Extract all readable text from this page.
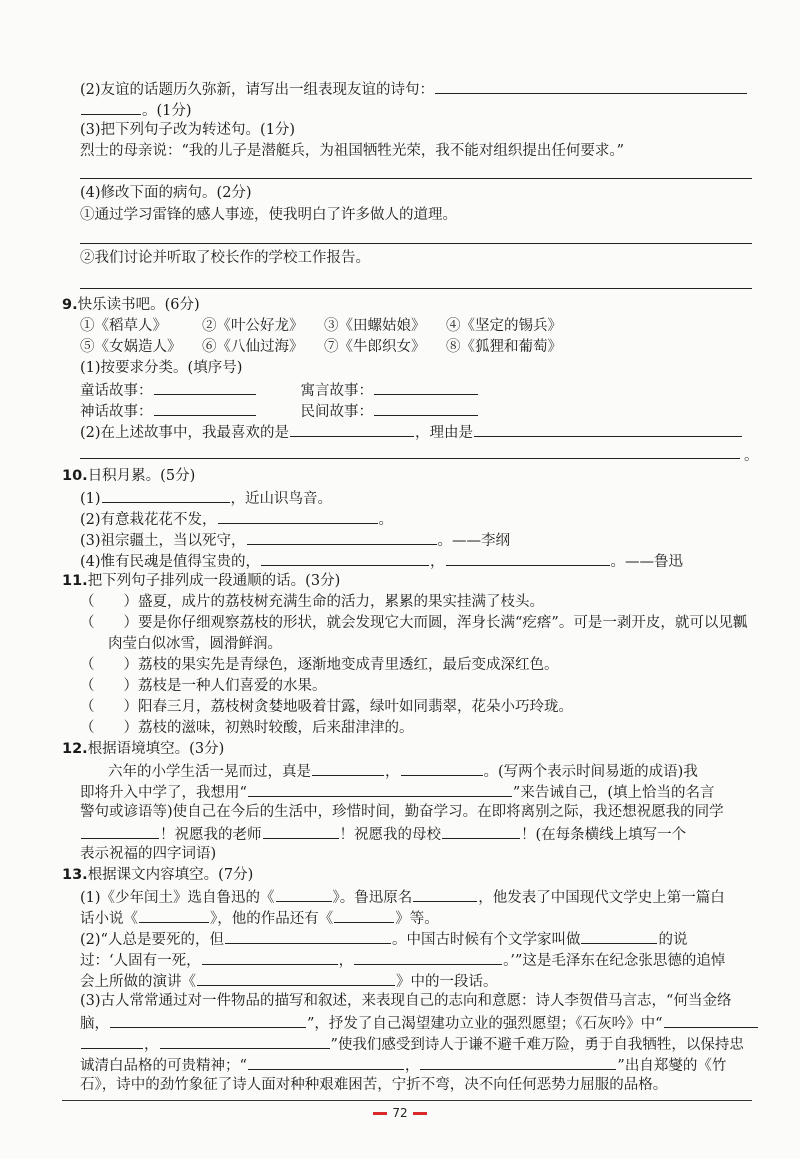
(2)友谊的话题历久弥新，请写出一组表现友谊的诗句：
。(1分)
(3)把下列句子改为转述句。(1分)
烈士的母亲说：“我的儿子是潜艇兵，为祖国牺牲光荣，我不能对组织提出任何要求。”
(4)修改下面的病句。(2分)
①通过学习雷锋的感人事迹，使我明白了许多做人的道理。
②我们讨论并听取了校长作的学校工作报告。
9.快乐读书吧。(6分)
①《稻草人》 ②《叶公好龙》 ③《田螺姑娘》 ④《坚定的锡兵》
⑤《女娲造人》 ⑥《八仙过海》 ⑦《牛郎织女》 ⑧《狐狸和葡萄》
(1)按要求分类。(填序号)
童话故事：	寓言故事：
神话故事：	民间故事：
(2)在上述故事中，我最喜欢的是	，理由是
。
10.日积月累。(5分)
(1)	，近山识鸟音。
(2)有意栽花花不发，	。
(3)祖宗疆土，当以死守，	。——李纲
(4)惟有民魂是值得宝贵的，	，	。——鲁迅
11.把下列句子排列成一段通顺的话。(3分)
（　　）盛夏，成片的荔枝树充满生命的活力，累累的果实挂满了枝头。
（　　）要是你仔细观察荔枝的形状，就会发现它大而圆，浑身长满“疙瘩”。可是一剥开皮，就可以见瓤
肉莹白似冰雪，圆滑鲜润。
（　　）荔枝的果实先是青绿色，逐渐地变成青里透红，最后变成深红色。
（　　）荔枝是一种人们喜爱的水果。
（　　）阳春三月，荔枝树贪婪地吸着甘露，绿叶如同翡翠，花朵小巧玲珑。
（　　）荔枝的滋味，初熟时较酸，后来甜津津的。
12.根据语境填空。(3分)
六年的小学生活一晃而过，真是	，	。(写两个表示时间易逝的成语)我
即将升入中学了，我想用“	”来告诫自己，(填上恰当的名言
警句或谚语等)使自己在今后的生活中，珍惜时间，勤奋学习。在即将离别之际，我还想祝愿我的同学
！祝愿我的老师	！祝愿我的母校	！(在每条横线上填写一个
表示祝福的四字词语)
13.根据课文内容填空。(7分)
(1)《少年闰土》选自鲁迅的《	》。鲁迅原名	，他发表了中国现代文学史上第一篇白
话小说《	》，他的作品还有《	》等。
(2)“人总是要死的，但	。中国古时候有个文学家叫做	的说
过：‘人固有一死，	，	。’”这是毛泽东在纪念张思德的追悼
会上所做的演讲《	》中的一段话。
(3)古人常常通过对一件物品的描写和叙述，来表现自己的志向和意愿：诗人李贺借马言志，“何当金络
脑，	”，抒发了自己渴望建功立业的强烈愿望；《石灰吟》中“
，	”使我们感受到诗人于谦不避千难万险，勇于自我牺牲，以保持忠
诚清白品格的可贵精神；“	，	”出自郑燮的《竹
石》，诗中的劲竹象征了诗人面对种种艰难困苦，宁折不弯，决不向任何恶势力屈服的品格。
72
